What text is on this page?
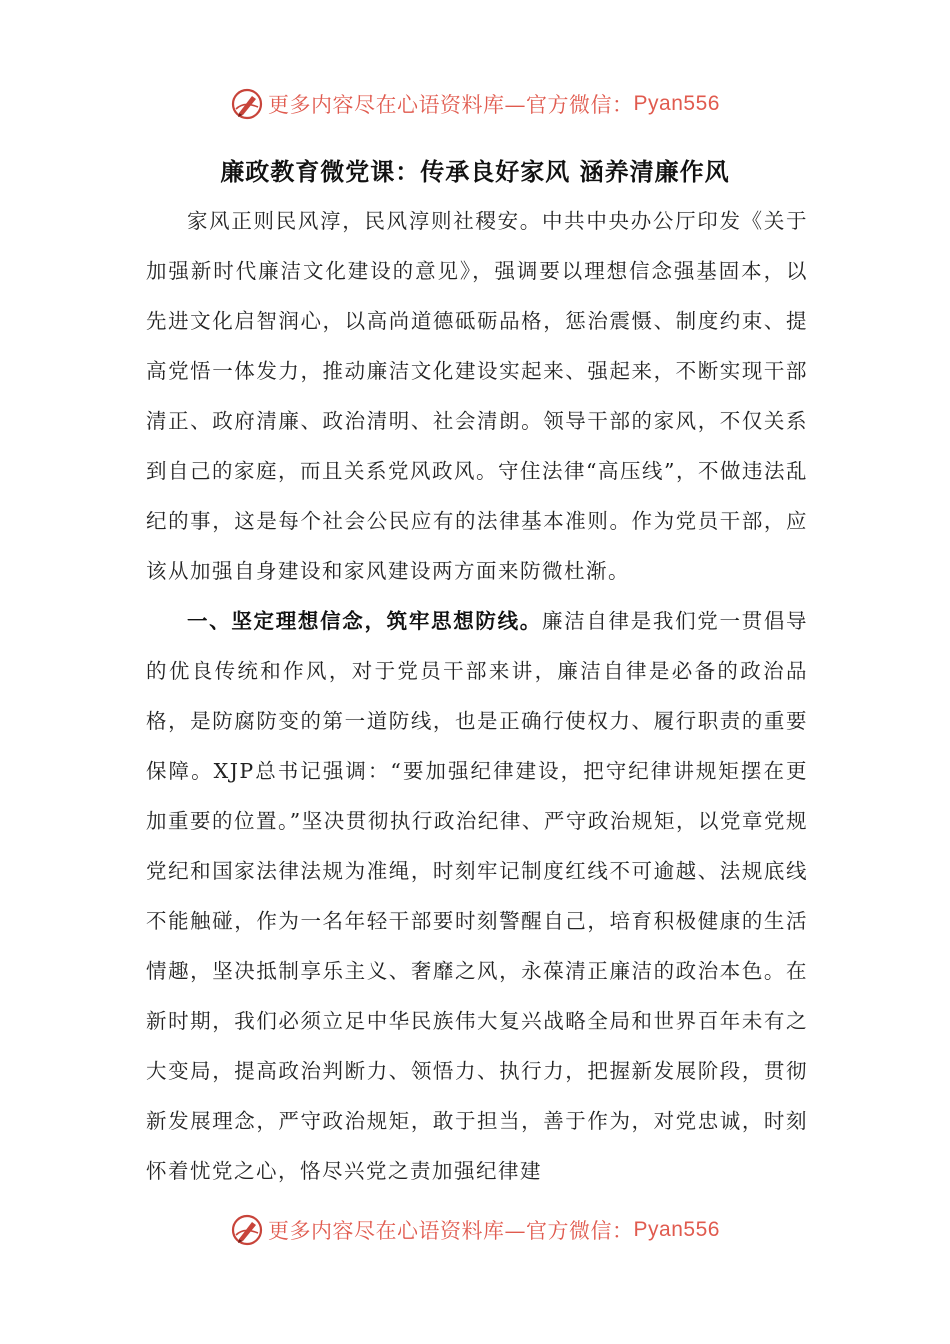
更多内容尽在心语资料库—官方微信： Pyan556
廉政教育微党课：传承良好家风 涵养清廉作风

家风正则民风淳，民风淳则社稷安。中共中央办公厅印发《关于加强新时代廉洁文化建设的意见》，强调要以理想信念强基固本，以先进文化启智润心，以高尚道德砥砺品格，惩治震慑、制度约束、提高党悟一体发力，推动廉洁文化建设实起来、强起来，不断实现干部清正、政府清廉、政治清明、社会清朗。领导干部的家风，不仅关系到自己的家庭，而且关系党风政风。守住法律“高压线”，不做违法乱纪的事，这是每个社会公民应有的法律基本准则。作为党员干部，应该从加强自身建设和家风建设两方面来防微杜渐。

一、坚定理想信念，筑牢思想防线。廉洁自律是我们党一贯倡导的优良传统和作风，对于党员干部来讲，廉洁自律是必备的政治品格，是防腐防变的第一道防线，也是正确行使权力、履行职责的重要保障。XJP总书记强调：“要加强纪律建设，把守纪律讲规矩摆在更加重要的位置。”坚决贯彻执行政治纪律、严守政治规矩，以党章党规党纪和国家法律法规为准绳，时刻牢记制度红线不可逾越、法规底线不能触碰，作为一名年轻干部要时刻警醒自己，培育积极健康的生活情趣，坚决抵制享乐主义、奢靡之风，永葆清正廉洁的政治本色。在新时期，我们必须立足中华民族伟大复兴战略全局和世界百年未有之大变局，提高政治判断力、领悟力、执行力，把握新发展阶段，贯彻新发展理念，严守政治规矩，敢于担当，善于作为，对党忠诚，时刻怀着忧党之心，恪尽兴党之责加强纪律建

更多内容尽在心语资料库—官方微信： Pyan556
